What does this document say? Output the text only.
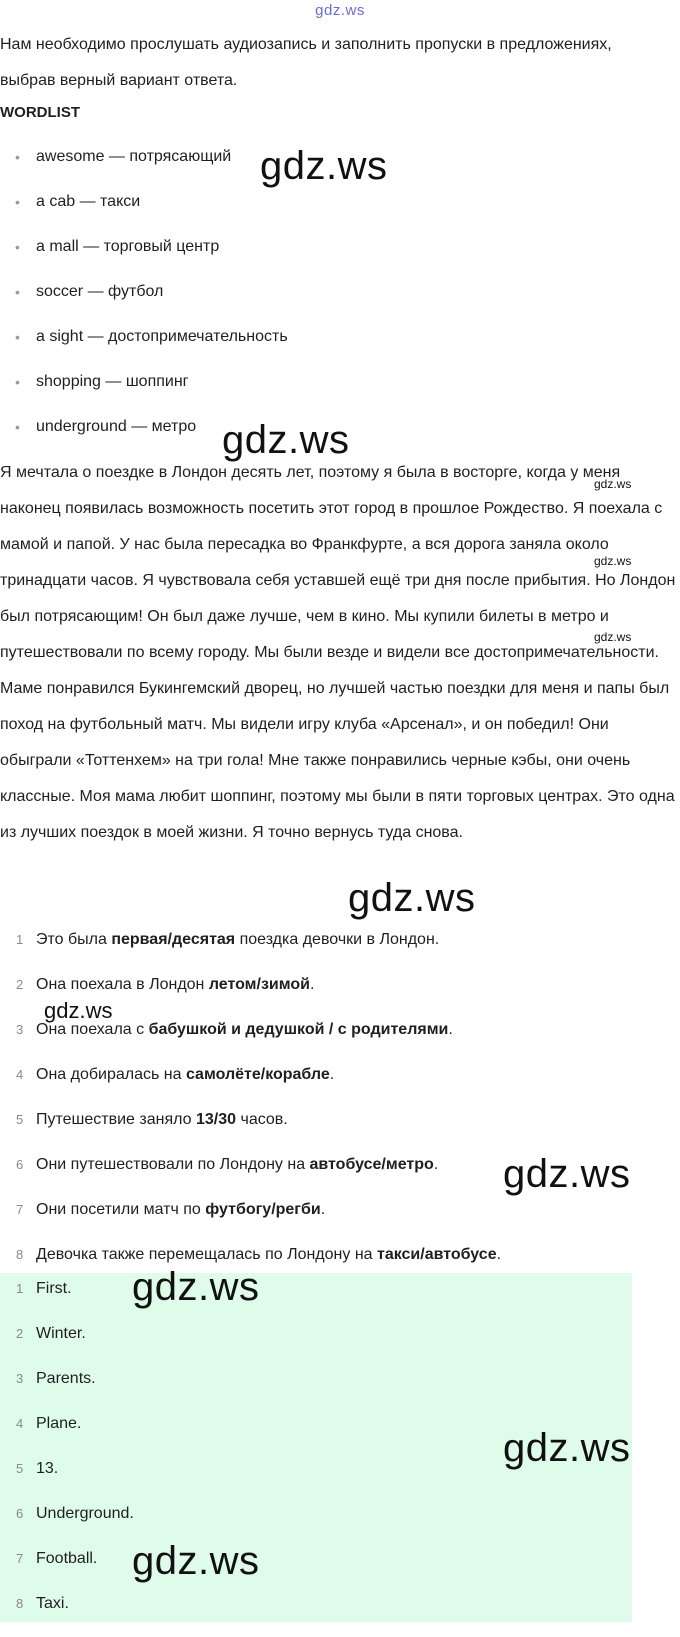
gdz.ws
Нам необходимо прослушать аудиозапись и заполнить пропуски в предложениях, выбрав верный вариант ответа.
WORDLIST
• awesome — потрясающий
• a cab — такси
• a mall — торговый центр
• soccer — футбол
• a sight — достопримечательность
• shopping — шоппинг
• underground — метро
Я мечтала о поездке в Лондон десять лет, поэтому я была в восторге, когда у меня наконец появилась возможность посетить этот город в прошлое Рождество. Я поехала с мамой и папой. У нас была пересадка во Франкфурте, а вся дорога заняла около тринадцати часов. Я чувствовала себя уставшей ещё три дня после прибытия. Но Лондон был потрясающим! Он был даже лучше, чем в кино. Мы купили билеты в метро и путешествовали по всему городу. Мы были везде и видели все достопримечательности. Маме понравился Букингемский дворец, но лучшей частью поездки для меня и папы был поход на футбольный матч. Мы видели игру клуба «Арсенал», и он победил! Они обыграли «Тоттенхем» на три гола! Мне также понравились черные кэбы, они очень классные. Моя мама любит шоппинг, поэтому мы были в пяти торговых центрах. Это одна из лучших поездок в моей жизни. Я точно вернусь туда снова.
1 Это была первая/десятая поездка девочки в Лондон.
2 Она поехала в Лондон летом/зимой.
3 Она поехала с бабушкой и дедушкой / с родителями.
4 Она добиралась на самолёте/корабле.
5 Путешествие заняло 13/30 часов.
6 Они путешествовали по Лондону на автобусе/метро.
7 Они посетили матч по футбогу/регби.
8 Девочка также перемещалась по Лондону на такси/автобусе.
1 First.
2 Winter.
3 Parents.
4 Plane.
5 13.
6 Underground.
7 Football.
8 Taxi.
gdz.ws
gdz.ws
gdz.ws
gdz.ws
gdz.ws
gdz.ws
gdz.ws
gdz.ws
gdz.ws
gdz.ws
gdz.ws
